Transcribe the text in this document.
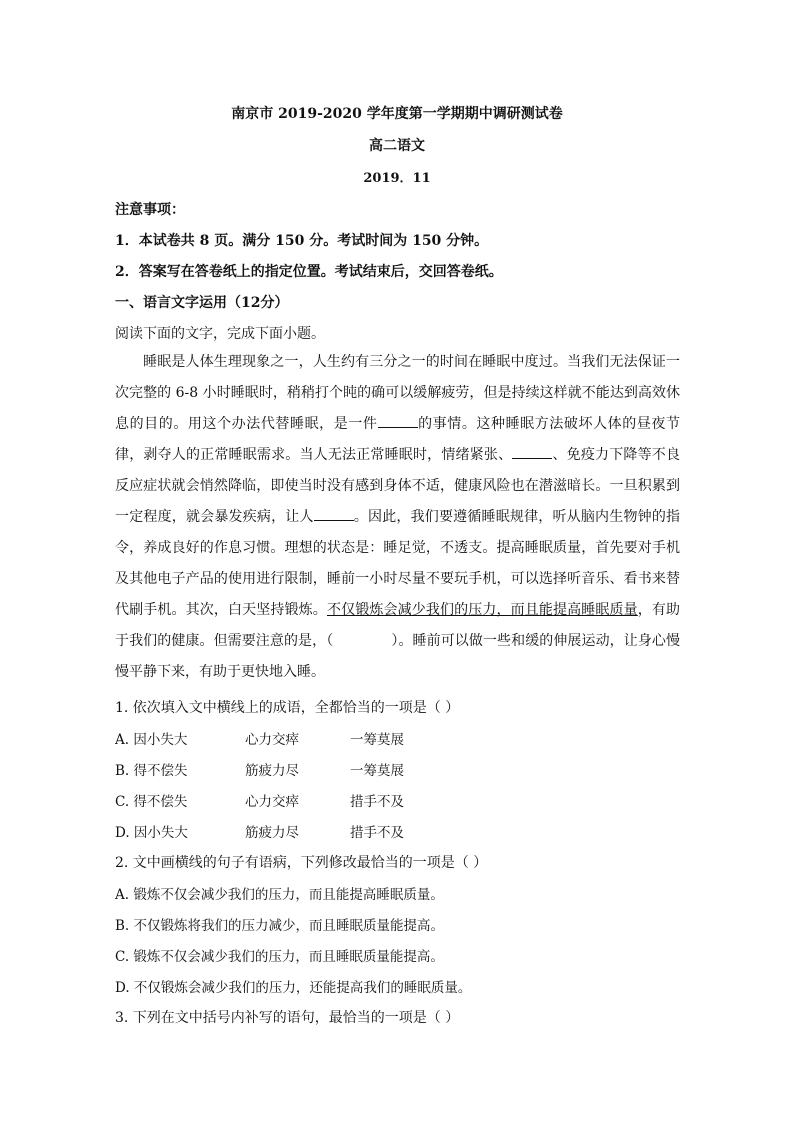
南京市 2019-2020 学年度第一学期期中调研测试卷
高二语文
2019．11
注意事项：
1．本试卷共 8 页。满分 150 分。考试时间为 150 分钟。
2．答案写在答卷纸上的指定位置。考试结束后，交回答卷纸。
一、语言文字运用（12分）
阅读下面的文字，完成下面小题。
睡眠是人体生理现象之一，人生约有三分之一的时间在睡眠中度过。当我们无法保证一次完整的 6-8 小时睡眠时，稍稍打个盹的确可以缓解疲劳，但是持续这样就不能达到高效休息的目的。用这个办法代替睡眠，是一件	的事情。这种睡眠方法破坏人体的昼夜节律，剥夺人的正常睡眠需求。当人无法正常睡眠时，情绪紧张、	、免疫力下降等不良反应症状就会悄然降临，即使当时没有感到身体不适，健康风险也在潜滋暗长。一旦积累到一定程度，就会暴发疾病，让人	。因此，我们要遵循睡眠规律，听从脑内生物钟的指令，养成良好的作息习惯。理想的状态是：睡足觉，不透支。提高睡眠质量，首先要对手机及其他电子产品的使用进行限制，睡前一小时尽量不要玩手机，可以选择听音乐、看书来替代刷手机。其次，白天坚持锻炼。不仅锻炼会减少我们的压力，而且能提高睡眠质量，有助于我们的健康。但需要注意的是，（	）。睡前可以做一些和缓的伸展运动，让身心慢慢平静下来，有助于更快地入睡。
1. 依次填入文中横线上的成语，全都恰当的一项是（ ）
A. 因小失大	心力交瘁	一筹莫展
B. 得不偿失	筋疲力尽	一筹莫展
C. 得不偿失	心力交瘁	措手不及
D. 因小失大	筋疲力尽	措手不及
2. 文中画横线的句子有语病，下列修改最恰当的一项是（ ）
A. 锻炼不仅会减少我们的压力，而且能提高睡眠质量。
B. 不仅锻炼将我们的压力减少，而且睡眠质量能提高。
C. 锻炼不仅会减少我们的压力，而且睡眠质量能提高。
D. 不仅锻炼会减少我们的压力，还能提高我们的睡眠质量。
3. 下列在文中括号内补写的语句，最恰当的一项是（ ）
